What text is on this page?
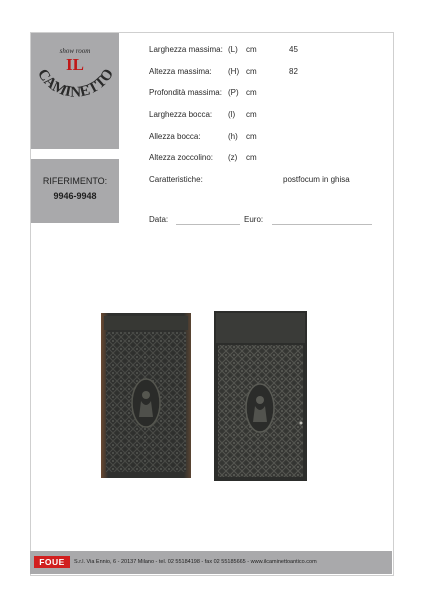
show room
IL
CAMINETTO
RIFERIMENTO:
9946-9948
Larghezza massima: (L) cm	45
Altezza massima: (H) cm	82
Profondità massima: (P) cm
Larghezza bocca: (l) cm
Allezza bocca:	(h) cm
Altezza zoccolino: (z) cm
Caratteristiche:	postfocum in ghisa
Data:	Euro:
FOUE	S.r.l. Via Ennio, 6 - 20137 Milano - tel. 02 55184198 - fax 02 55185665 - www.ilcaminettoantico.com
